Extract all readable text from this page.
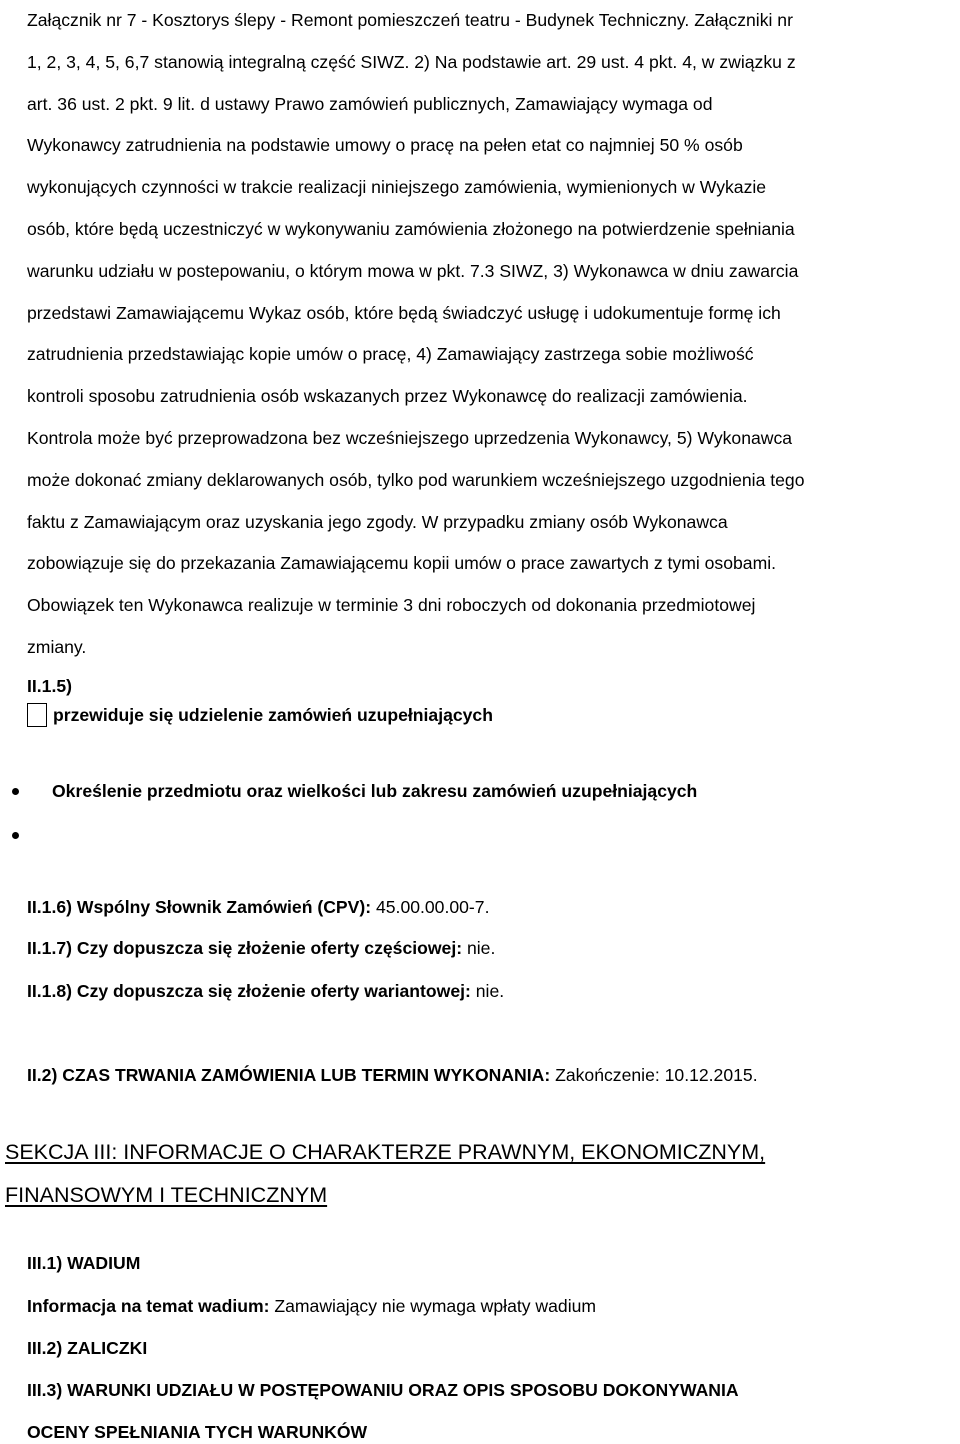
Załącznik nr 7 - Kosztorys ślepy - Remont pomieszczeń teatru - Budynek Techniczny. Załączniki nr
1, 2, 3, 4, 5, 6,7 stanowią integralną część SIWZ. 2) Na podstawie art. 29 ust. 4 pkt. 4, w związku z
art. 36 ust. 2 pkt. 9 lit. d ustawy Prawo zamówień publicznych, Zamawiający wymaga od
Wykonawcy zatrudnienia na podstawie umowy o pracę na pełen etat co najmniej 50 % osób
wykonujących czynności w trakcie realizacji niniejszego zamówienia, wymienionych w Wykazie
osób, które będą uczestniczyć w wykonywaniu zamówienia złożonego na potwierdzenie spełniania
warunku udziału w postepowaniu, o którym mowa w pkt. 7.3 SIWZ, 3) Wykonawca w dniu zawarcia
przedstawi Zamawiającemu Wykaz osób, które będą świadczyć usługę i udokumentuje formę ich
zatrudnienia przedstawiając kopie umów o pracę, 4) Zamawiający zastrzega sobie możliwość
kontroli sposobu zatrudnienia osób wskazanych przez Wykonawcę do realizacji zamówienia.
Kontrola może być przeprowadzona bez wcześniejszego uprzedzenia Wykonawcy, 5) Wykonawca
może dokonać zmiany deklarowanych osób, tylko pod warunkiem wcześniejszego uzgodnienia tego
faktu z Zamawiającym oraz uzyskania jego zgody. W przypadku zmiany osób Wykonawca
zobowiązuje się do przekazania Zamawiającemu kopii umów o prace zawartych z tymi osobami.
Obowiązek ten Wykonawca realizuje w terminie 3 dni roboczych od dokonania przedmiotowej
zmiany.
II.1.5)
przewiduje się udzielenie zamówień uzupełniających
Określenie przedmiotu oraz wielkości lub zakresu zamówień uzupełniających
II.1.6) Wspólny Słownik Zamówień (CPV): 45.00.00.00-7.
II.1.7) Czy dopuszcza się złożenie oferty częściowej: nie.
II.1.8) Czy dopuszcza się złożenie oferty wariantowej: nie.
II.2) CZAS TRWANIA ZAMÓWIENIA LUB TERMIN WYKONANIA: Zakończenie: 10.12.2015.
SEKCJA III: INFORMACJE O CHARAKTERZE PRAWNYM, EKONOMICZNYM,
FINANSOWYM I TECHNICZNYM
III.1) WADIUM
Informacja na temat wadium: Zamawiający nie wymaga wpłaty wadium
III.2) ZALICZKI
III.3) WARUNKI UDZIAŁU W POSTĘPOWANIU ORAZ OPIS SPOSOBU DOKONYWANIA
OCENY SPEŁNIANIA TYCH WARUNKÓW
